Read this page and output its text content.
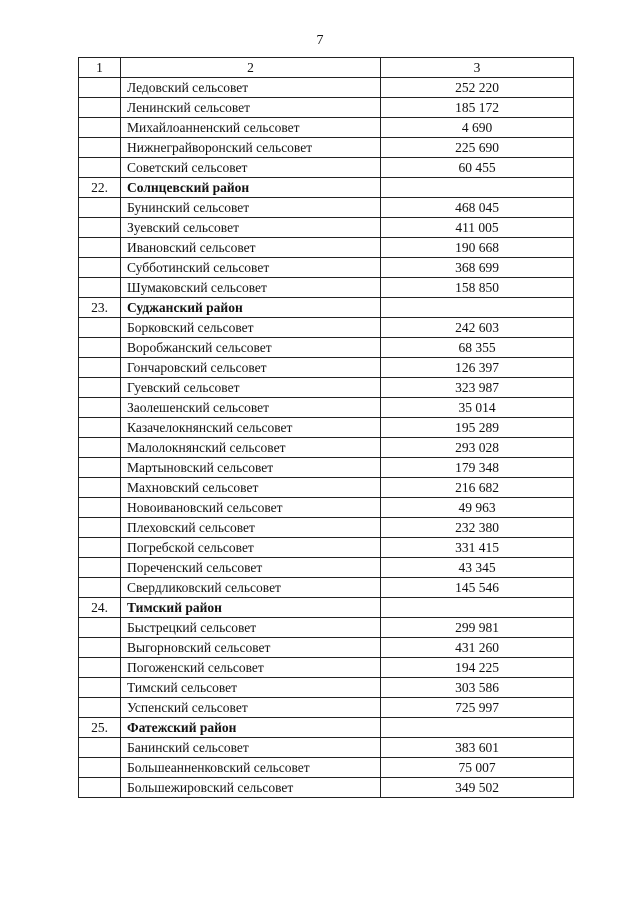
7
1	2	3
	Ледовский сельсовет	252 220
	Ленинский сельсовет	185 172
	Михайлоанненский сельсовет	4 690
	Нижнеграйворонский сельсовет	225 690
	Советский сельсовет	60 455
22.	Солнцевский район	
	Бунинский сельсовет	468 045
	Зуевский сельсовет	411 005
	Ивановский сельсовет	190 668
	Субботинский сельсовет	368 699
	Шумаковский сельсовет	158 850
23.	Суджанский район	
	Борковский сельсовет	242 603
	Воробжанский сельсовет	68 355
	Гончаровский сельсовет	126 397
	Гуевский сельсовет	323 987
	Заолешенский сельсовет	35 014
	Казачелокнянский сельсовет	195 289
	Малолокнянский сельсовет	293 028
	Мартыновский сельсовет	179 348
	Махновский сельсовет	216 682
	Новоивановский сельсовет	49 963
	Плеховский сельсовет	232 380
	Погребской сельсовет	331 415
	Пореченский сельсовет	43 345
	Свердликовский сельсовет	145 546
24.	Тимский район	
	Быстрецкий сельсовет	299 981
	Выгорновский сельсовет	431 260
	Погоженский сельсовет	194 225
	Тимский сельсовет	303 586
	Успенский сельсовет	725 997
25.	Фатежский район	
	Банинский сельсовет	383 601
	Большеанненковский сельсовет	75 007
	Большежировский сельсовет	349 502
